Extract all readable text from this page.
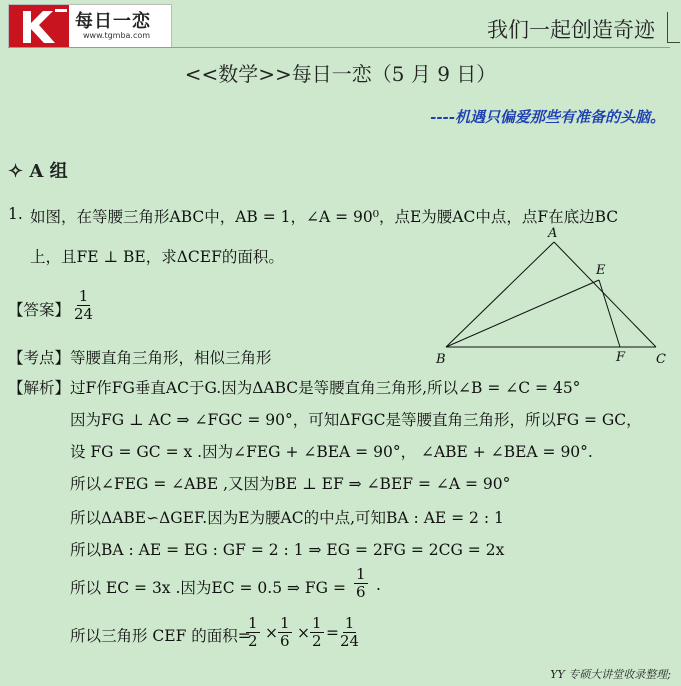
每日一恋
www.tgmba.com	我们一起创造奇迹
<<数学>>每日一恋（5 月 9 日）
----机遇只偏爱那些有准备的头脑。
✧ A 组
1. 如图，在等腰三角形ABC中，AB = 1，∠A = 90⁰，点E为腰AC中点，点F在底边BC
上，且FE ⊥ BE，求ΔCEF的面积。
A
B	C
E
F
【答案】 $\frac{1}{24}$
【考点】 等腰直角三角形，相似三角形
【解析】 过F作FG垂直AC于G.因为ΔABC是等腰直角三角形,所以∠B = ∠C = 45°
因为FG ⊥ AC ⇒ ∠FGC = 90°，可知ΔFGC是等腰直角三角形，所以FG = GC，
设 FG = GC = x .因为∠FEG + ∠BEA = 90°， ∠ABE + ∠BEA = 90°.
所以∠FEG = ∠ABE ,又因为BE ⊥ EF ⇒ ∠BEF = ∠A = 90°
所以ΔABE∽ΔGEF.因为E为腰AC的中点,可知BA : AE = 2 : 1
所以BA : AE = EG : GF = 2 : 1 ⇒ EG = 2FG = 2CG = 2x
所以 EC = 3x .因为EC = 0.5 ⇒ FG = $\frac{1}{6}$ .
所以三角形 CEF 的面积=
$\frac{1}{2} \times \frac{1}{6} \times \frac{1}{2} = \frac{1}{24}$
YY 专硕大讲堂收录整理;
